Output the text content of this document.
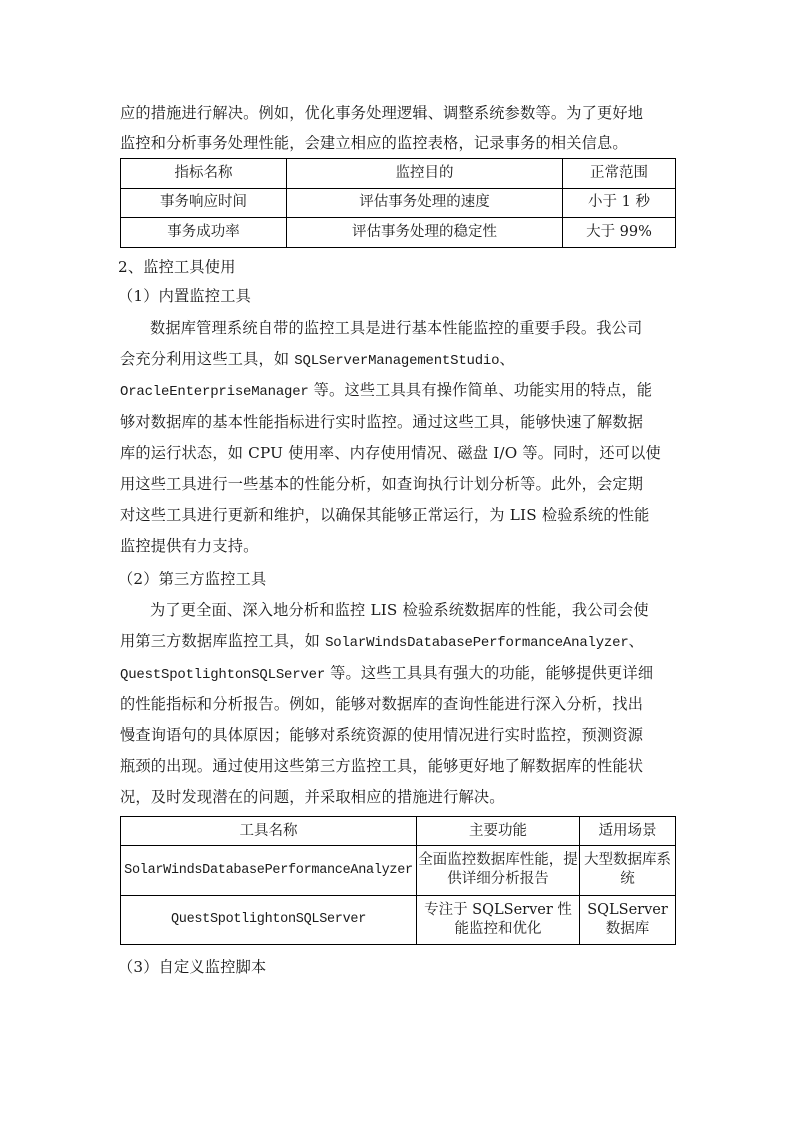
应的措施进行解决。例如，优化事务处理逻辑、调整系统参数等。为了更好地
监控和分析事务处理性能，会建立相应的监控表格，记录事务的相关信息。
指标名称	监控目的	正常范围
事务响应时间	评估事务处理的速度	小于 1 秒
事务成功率	评估事务处理的稳定性	大于 99%
2、监控工具使用
（1）内置监控工具
数据库管理系统自带的监控工具是进行基本性能监控的重要手段。我公司
会充分利用这些工具，如 SQLServerManagementStudio、
OracleEnterpriseManager 等。这些工具具有操作简单、功能实用的特点，能
够对数据库的基本性能指标进行实时监控。通过这些工具，能够快速了解数据
库的运行状态，如 CPU 使用率、内存使用情况、磁盘 I/O 等。同时，还可以使
用这些工具进行一些基本的性能分析，如查询执行计划分析等。此外，会定期
对这些工具进行更新和维护，以确保其能够正常运行，为 LIS 检验系统的性能
监控提供有力支持。
（2）第三方监控工具
为了更全面、深入地分析和监控 LIS 检验系统数据库的性能，我公司会使
用第三方数据库监控工具，如 SolarWindsDatabasePerformanceAnalyzer、
QuestSpotlightonSQLServer 等。这些工具具有强大的功能，能够提供更详细
的性能指标和分析报告。例如，能够对数据库的查询性能进行深入分析，找出
慢查询语句的具体原因；能够对系统资源的使用情况进行实时监控，预测资源
瓶颈的出现。通过使用这些第三方监控工具，能够更好地了解数据库的性能状
况，及时发现潜在的问题，并采取相应的措施进行解决。
工具名称	主要功能	适用场景
SolarWindsDatabasePerformanceAnalyzer	全面监控数据库性能，提供详细分析报告	大型数据库系统
QuestSpotlightonSQLServer	专注于 SQLServer 性能监控和优化	SQLServer 数据库
（3）自定义监控脚本
